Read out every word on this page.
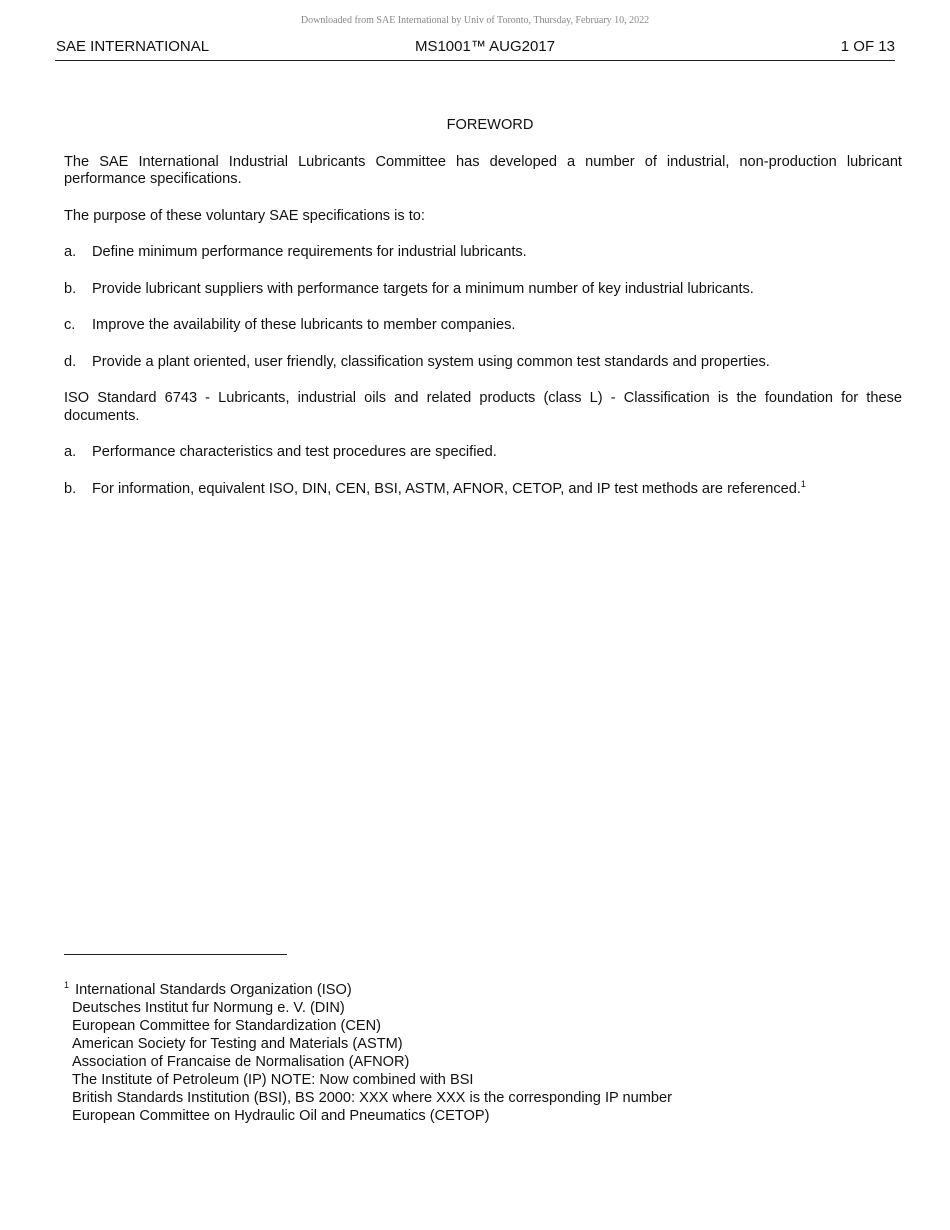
Downloaded from SAE International by Univ of Toronto, Thursday, February 10, 2022
SAE INTERNATIONAL	MS1001™ AUG2017	1 OF 13
FOREWORD

The SAE International Industrial Lubricants Committee has developed a number of industrial, non-production lubricant performance specifications.

The purpose of these voluntary SAE specifications is to:

a.	Define minimum performance requirements for industrial lubricants.
b.	Provide lubricant suppliers with performance targets for a minimum number of key industrial lubricants.
c.	Improve the availability of these lubricants to member companies.
d.	Provide a plant oriented, user friendly, classification system using common test standards and properties.

ISO Standard 6743 - Lubricants, industrial oils and related products (class L) - Classification is the foundation for these documents.

a.	Performance characteristics and test procedures are specified.
b.	For information, equivalent ISO, DIN, CEN, BSI, ASTM, AFNOR, CETOP, and IP test methods are referenced.$^1$
$^1$ International Standards Organization (ISO)
Deutsches Institut fur Normung e. V. (DIN)
European Committee for Standardization (CEN)
American Society for Testing and Materials (ASTM)
Association of Francaise de Normalisation (AFNOR)
The Institute of Petroleum (IP) NOTE: Now combined with BSI
British Standards Institution (BSI), BS 2000: XXX where XXX is the corresponding IP number
European Committee on Hydraulic Oil and Pneumatics (CETOP)
